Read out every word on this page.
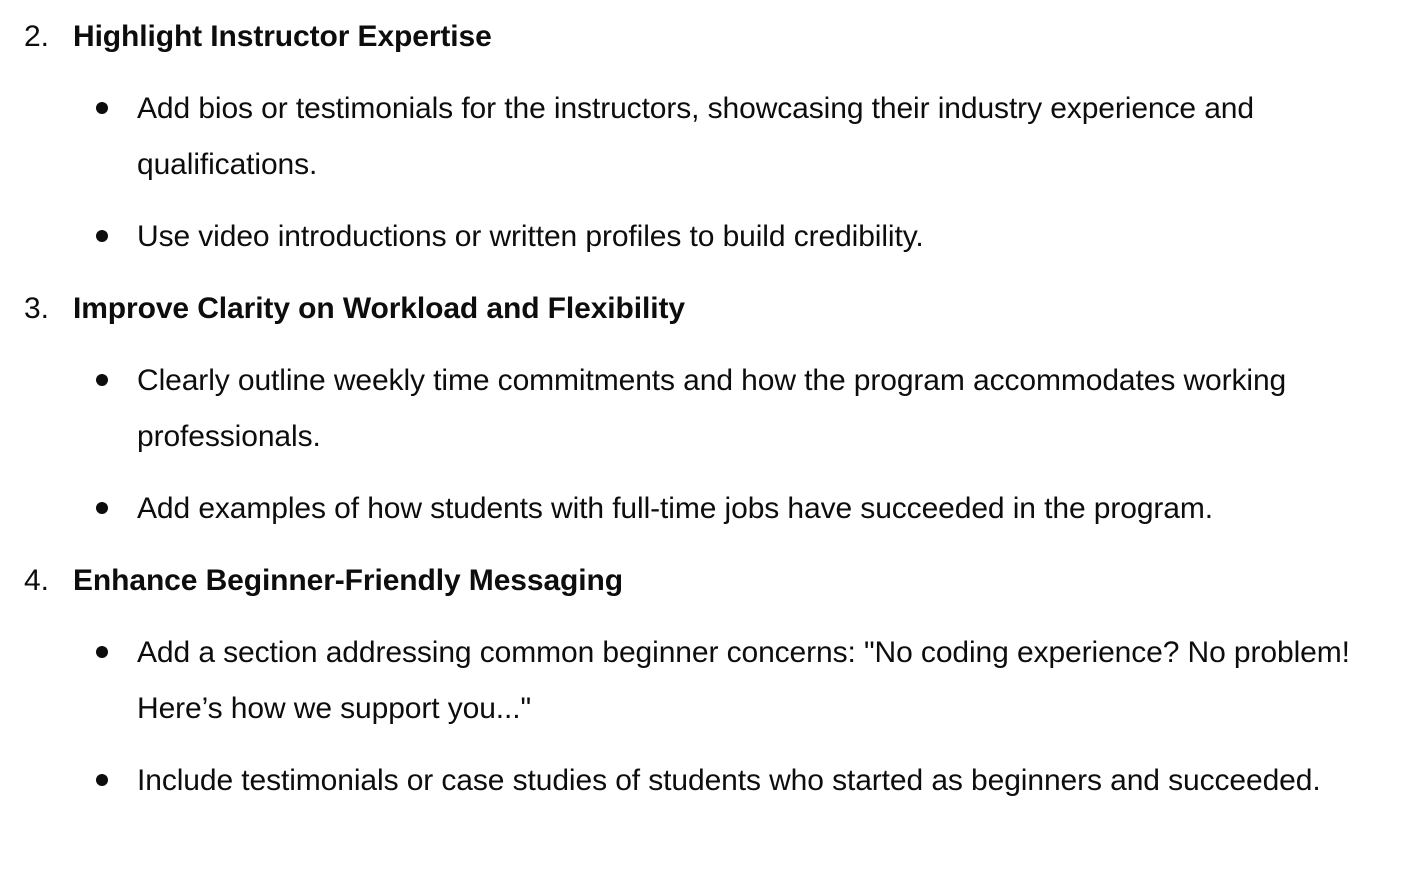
2. Highlight Instructor Expertise
Add bios or testimonials for the instructors, showcasing their industry experience and qualifications.
Use video introductions or written profiles to build credibility.
3. Improve Clarity on Workload and Flexibility
Clearly outline weekly time commitments and how the program accommodates working professionals.
Add examples of how students with full-time jobs have succeeded in the program.
4. Enhance Beginner-Friendly Messaging
Add a section addressing common beginner concerns: "No coding experience? No problem! Here’s how we support you..."
Include testimonials or case studies of students who started as beginners and succeeded.
